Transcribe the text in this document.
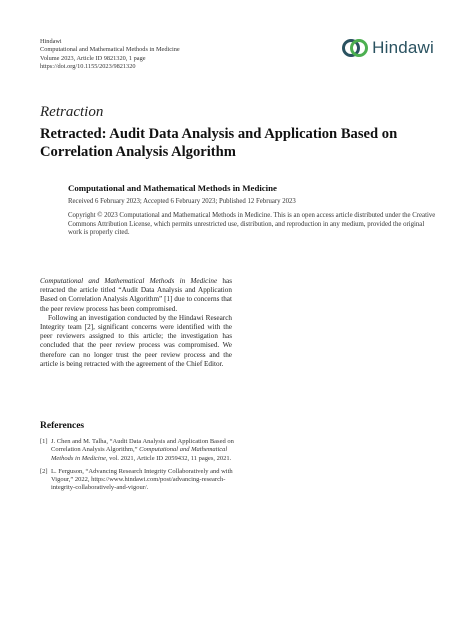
Hindawi
Computational and Mathematical Methods in Medicine
Volume 2023, Article ID 9821320, 1 page
https://doi.org/10.1155/2023/9821320
Hindawi
Retraction
Retracted: Audit Data Analysis and Application Based on Correlation Analysis Algorithm
Computational and Mathematical Methods in Medicine
Received 6 February 2023; Accepted 6 February 2023; Published 12 February 2023
Copyright © 2023 Computational and Mathematical Methods in Medicine. This is an open access article distributed under the Creative Commons Attribution License, which permits unrestricted use, distribution, and reproduction in any medium, provided the original work is properly cited.

Computational and Mathematical Methods in Medicine has retracted the article titled “Audit Data Analysis and Application Based on Correlation Analysis Algorithm” [1] due to concerns that the peer review process has been compromised.

Following an investigation conducted by the Hindawi Research Integrity team [2], significant concerns were identified with the peer reviewers assigned to this article; the investigation has concluded that the peer review process was compromised. We therefore can no longer trust the peer review process and the article is being retracted with the agreement of the Chief Editor.

References
[1] J. Chen and M. Talha, “Audit Data Analysis and Application Based on Correlation Analysis Algorithm,” Computational and Mathematical Methods in Medicine, vol. 2021, Article ID 2059432, 11 pages, 2021.
[2] L. Ferguson, “Advancing Research Integrity Collaboratively and with Vigour,” 2022, https://www.hindawi.com/post/advancing-research-integrity-collaboratively-and-vigour/.
